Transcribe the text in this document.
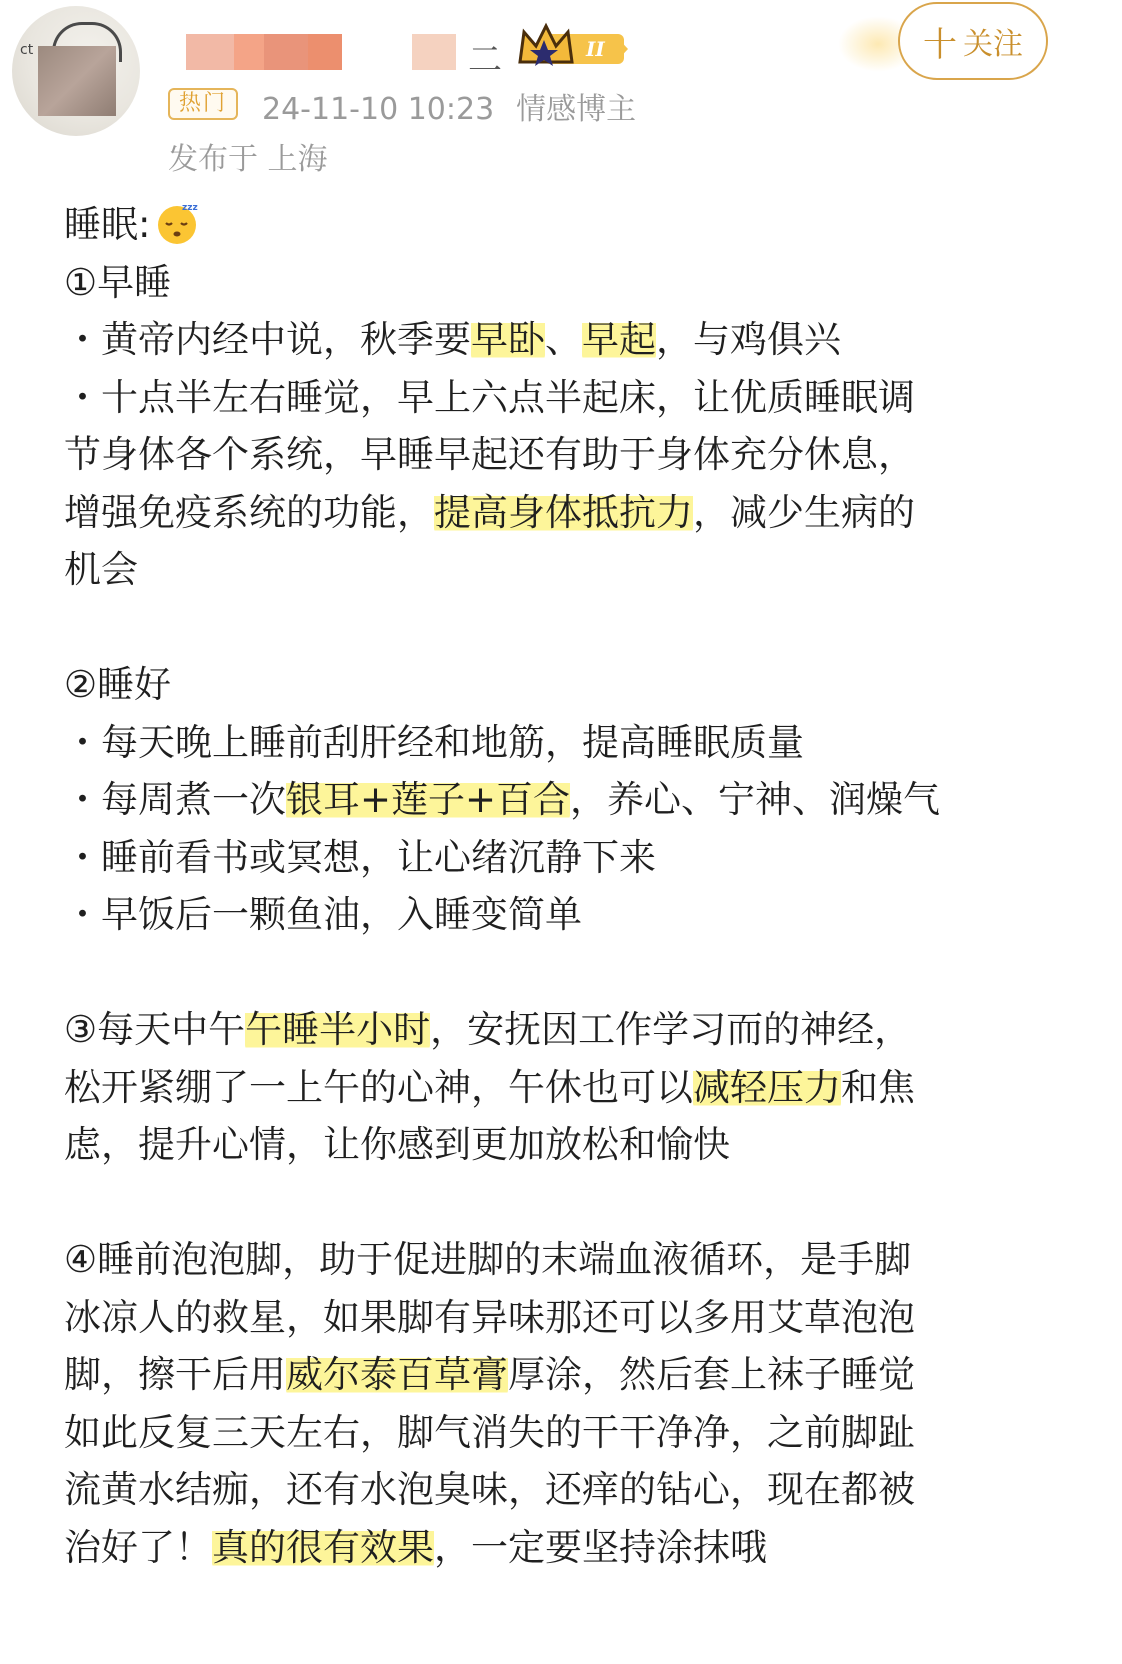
ct	二	II
热门	24-11-10 10:23 情感博主
发布于 上海
十 关注

睡眠:	zzz

①早睡

・黄帝内经中说，秋季要早卧、早起，与鸡俱兴

・十点半左右睡觉，早上六点半起床，让优质睡眠调

节身体各个系统，早睡早起还有助于身体充分休息，

增强免疫系统的功能，提高身体抵抗力，减少生病的

机会

②睡好

・每天晚上睡前刮肝经和地筋，提高睡眠质量

・每周煮一次银耳+莲子+百合，养心、宁神、润燥气

・睡前看书或冥想，让心绪沉静下来

・早饭后一颗鱼油，入睡变简单

③每天中午午睡半小时，安抚因工作学习而的神经，

松开紧绷了一上午的心神，午休也可以减轻压力和焦

虑，提升心情，让你感到更加放松和愉快

④睡前泡泡脚，助于促进脚的末端血液循环，是手脚

冰凉人的救星，如果脚有异味那还可以多用艾草泡泡

脚，擦干后用威尔泰百草膏厚涂，然后套上袜子睡觉

如此反复三天左右，脚气消失的干干净净，之前脚趾

流黄水结痂，还有水泡臭味，还痒的钻心，现在都被

治好了！真的很有效果，一定要坚持涂抹哦
